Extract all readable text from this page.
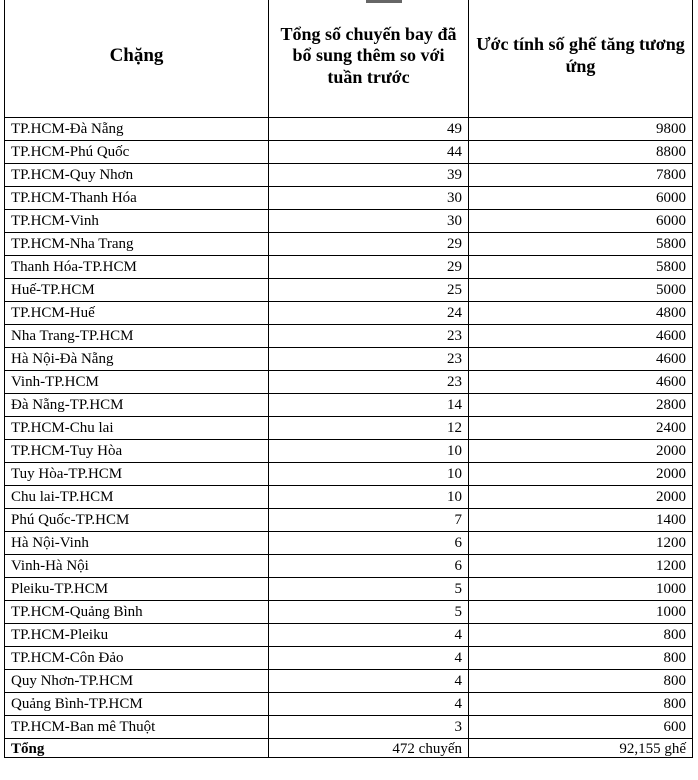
Chặng	Tổng số chuyến bay đã bổ sung thêm so với tuần trước	Ước tính số ghế tăng tương ứng
TP.HCM-Đà Nẵng	49	9800
TP.HCM-Phú Quốc	44	8800
TP.HCM-Quy Nhơn	39	7800
TP.HCM-Thanh Hóa	30	6000
TP.HCM-Vinh	30	6000
TP.HCM-Nha Trang	29	5800
Thanh Hóa-TP.HCM	29	5800
Huế-TP.HCM	25	5000
TP.HCM-Huế	24	4800
Nha Trang-TP.HCM	23	4600
Hà Nội-Đà Nẵng	23	4600
Vinh-TP.HCM	23	4600
Đà Nẵng-TP.HCM	14	2800
TP.HCM-Chu lai	12	2400
TP.HCM-Tuy Hòa	10	2000
Tuy Hòa-TP.HCM	10	2000
Chu lai-TP.HCM	10	2000
Phú Quốc-TP.HCM	7	1400
Hà Nội-Vinh	6	1200
Vinh-Hà Nội	6	1200
Pleiku-TP.HCM	5	1000
TP.HCM-Quảng Bình	5	1000
TP.HCM-Pleiku	4	800
TP.HCM-Côn Đảo	4	800
Quy Nhơn-TP.HCM	4	800
Quảng Bình-TP.HCM	4	800
TP.HCM-Ban mê Thuột	3	600
Tổng	472 chuyến	92,155 ghế
